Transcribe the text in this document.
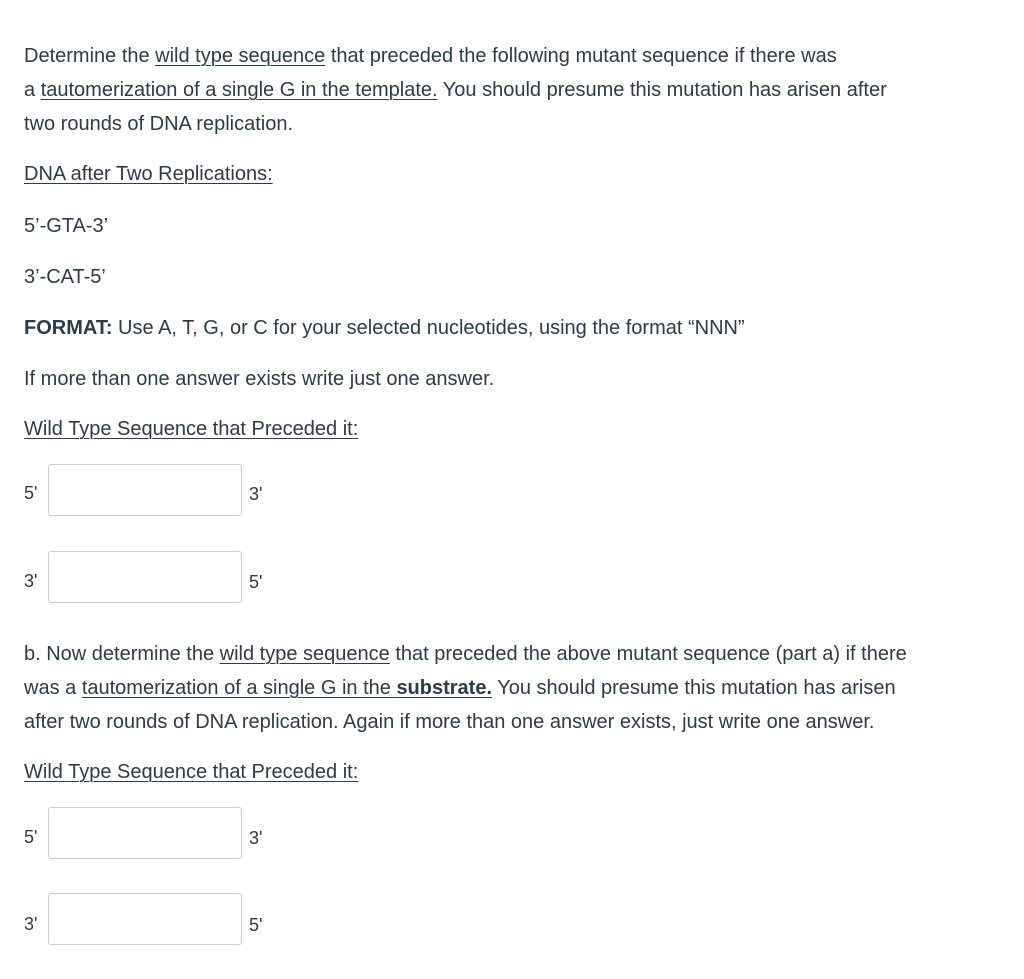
Determine the wild type sequence that preceded the following mutant sequence if there was

a tautomerization of a single G in the template. You should presume this mutation has arisen after

two rounds of DNA replication.

DNA after Two Replications:

5’-GTA-3’

3’-CAT-5’

FORMAT: Use A, T, G, or C for your selected nucleotides, using the format “NNN”

If more than one answer exists write just one answer.

Wild Type Sequence that Preceded it:

5'	3'
3'	5'

b. Now determine the wild type sequence that preceded the above mutant sequence (part a) if there

was a tautomerization of a single G in the substrate. You should presume this mutation has arisen

after two rounds of DNA replication. Again if more than one answer exists, just write one answer.

Wild Type Sequence that Preceded it:

5'	3'
3'	5'
